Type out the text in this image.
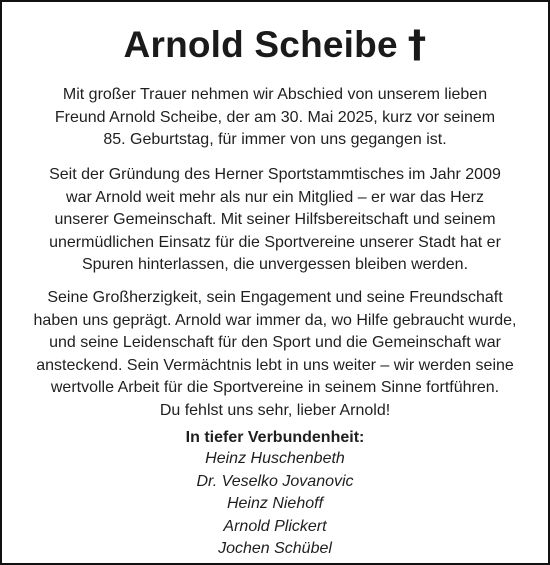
Arnold Scheibe †
Mit großer Trauer nehmen wir Abschied von unserem lieben
Freund Arnold Scheibe, der am 30. Mai 2025, kurz vor seinem
85. Geburtstag, für immer von uns gegangen ist.
Seit der Gründung des Herner Sportstammtisches im Jahr 2009
war Arnold weit mehr als nur ein Mitglied – er war das Herz
unserer Gemeinschaft. Mit seiner Hilfsbereitschaft und seinem
unermüdlichen Einsatz für die Sportvereine unserer Stadt hat er
Spuren hinterlassen, die unvergessen bleiben werden.
Seine Großherzigkeit, sein Engagement und seine Freundschaft
haben uns geprägt. Arnold war immer da, wo Hilfe gebraucht wurde,
und seine Leidenschaft für den Sport und die Gemeinschaft war
ansteckend. Sein Vermächtnis lebt in uns weiter – wir werden seine
wertvolle Arbeit für die Sportvereine in seinem Sinne fortführen.
Du fehlst uns sehr, lieber Arnold!
In tiefer Verbundenheit:
Heinz Huschenbeth
Dr. Veselko Jovanovic
Heinz Niehoff
Arnold Plickert
Jochen Schübel
